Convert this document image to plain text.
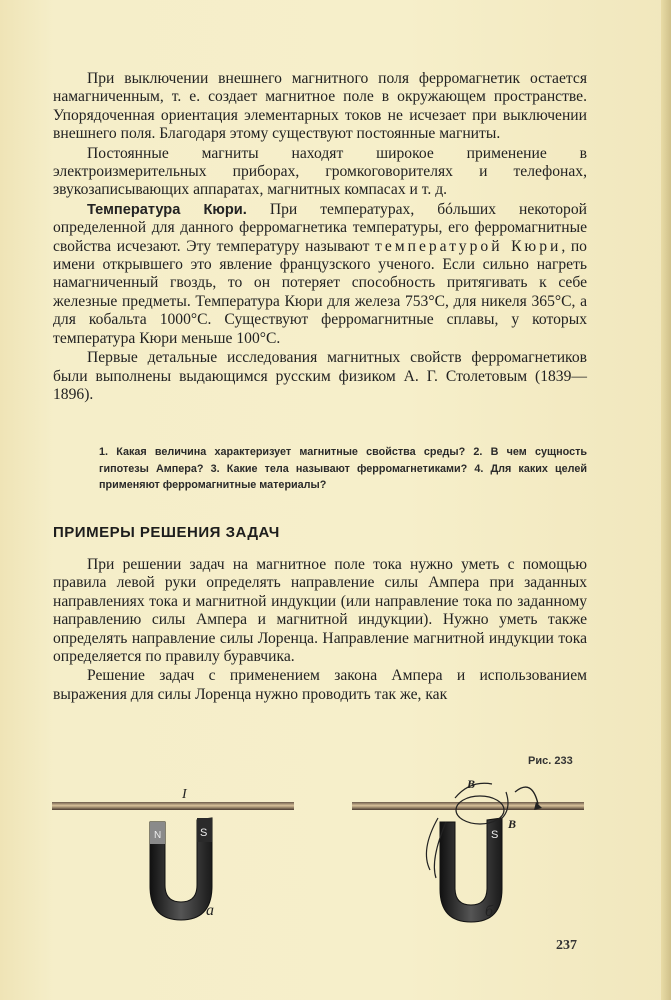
При выключении внешнего магнитного поля ферромагнетик остается намагниченным, т. е. создает магнитное поле в окружающем пространстве. Упорядоченная ориентация элементарных токов не исчезает при выключении внешнего поля. Благодаря этому существуют постоянные магниты.

Постоянные магниты находят широкое применение в электроизмерительных приборах, громкоговорителях и телефонах, звукозаписывающих аппаратах, магнитных компасах и т. д.

Температура Кюри. При температурах, бóльших некоторой определенной для данного ферромагнетика температуры, его ферромагнитные свойства исчезают. Эту температуру называют температурой Кюри, по имени открывшего это явление французского ученого. Если сильно нагреть намагниченный гвоздь, то он потеряет способность притягивать к себе железные предметы. Температура Кюри для железа 753°C, для никеля 365°C, а для кобальта 1000°C. Существуют ферромагнитные сплавы, у которых температура Кюри меньше 100°C.

Первые детальные исследования магнитных свойств ферромагнетиков были выполнены выдающимся русским физиком А. Г. Столетовым (1839—1896).

1. Какая величина характеризует магнитные свойства среды? 2. В чем сущность гипотезы Ампера? 3. Какие тела называют ферромагнетиками? 4. Для каких целей применяют ферромагнитные материалы?
ПРИМЕРЫ РЕШЕНИЯ ЗАДАЧ

При решении задач на магнитное поле тока нужно уметь с помощью правила левой руки определять направление силы Ампера при заданных направлениях тока и магнитной индукции (или направление тока по заданному направлению силы Ампера и магнитной индукции). Нужно уметь также определять направление силы Лоренца. Направление магнитной индукции тока определяется по правилу буравчика.

Решение задач с применением закона Ампера и использованием выражения для силы Лоренца нужно проводить так же, как

Рис. 233
I
N	S
а
B
B
S
б
237
